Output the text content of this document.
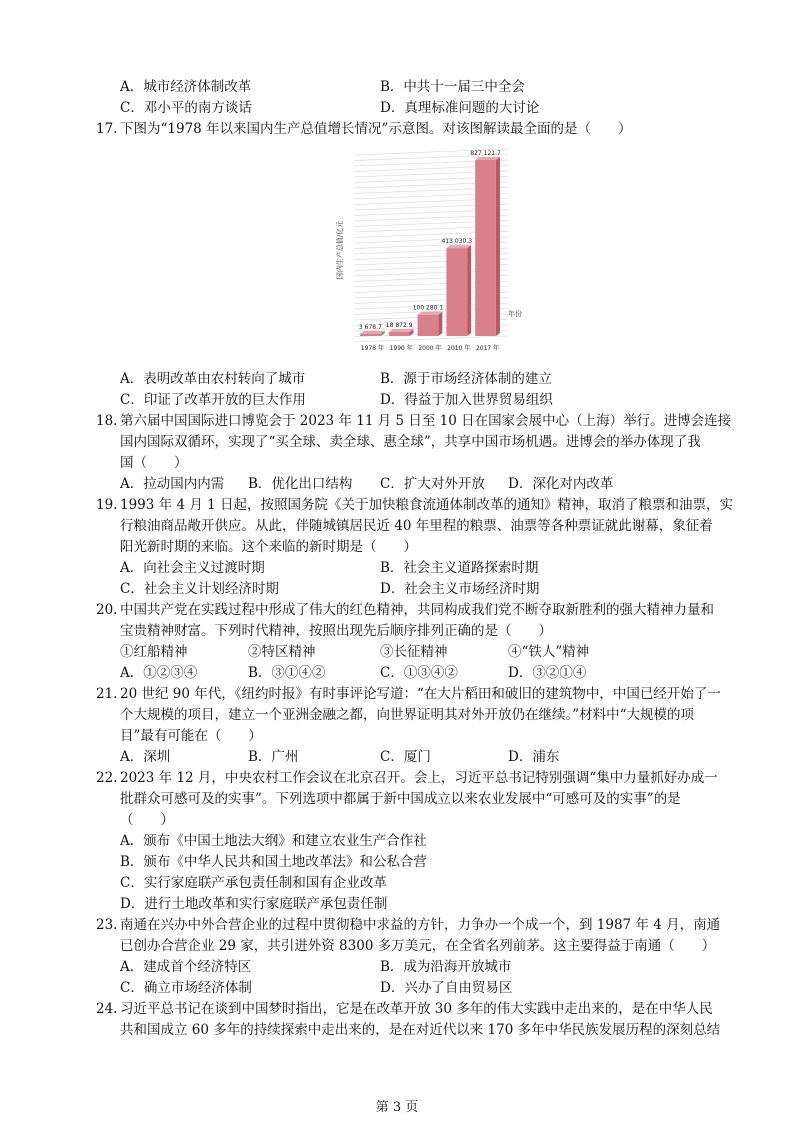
A．城市经济体制改革	B．中共十一届三中全会
C．邓小平的南方谈话	D．真理标准问题的大讨论
17. 下图为“1978 年以来国内生产总值增长情况”示意图。对该图解读最全面的是（　　）
3 678.7 18 872.9
100 280.1
413 030.3
827 121.7
1978 年 1990 年 2000 年 2010 年 2017 年
国内生产总值/亿元
年份
A．表明改革由农村转向了城市	B．源于市场经济体制的建立
C．印证了改革开放的巨大作用	D．得益于加入世界贸易组织
18. 第六届中国国际进口博览会于 2023 年 11 月 5 日至 10 日在国家会展中心（上海）举行。进博会连接
国内国际双循环，实现了“买全球、卖全球、惠全球”，共享中国市场机遇。进博会的举办体现了我
国（　　）
A．拉动国内内需 B．优化出口结构 C．扩大对外开放 D．深化对内改革
19. 1993 年 4 月 1 日起，按照国务院《关于加快粮食流通体制改革的通知》精神，取消了粮票和油票，实
行粮油商品敞开供应。从此，伴随城镇居民近 40 年里程的粮票、油票等各种票证就此谢幕，象征着
阳光新时期的来临。这个来临的新时期是（　　）
A．向社会主义过渡时期	B．社会主义道路探索时期
C．社会主义计划经济时期	D．社会主义市场经济时期
20. 中国共产党在实践过程中形成了伟大的红色精神，共同构成我们党不断夺取新胜利的强大精神力量和
宝贵精神财富。下列时代精神，按照出现先后顺序排列正确的是（　　）
①红船精神	②特区精神	③长征精神	④“铁人”精神
A．①②③④	B．③①④②	C．①③④②	D．③②①④
21. 20 世纪 90 年代，《纽约时报》有时事评论写道：“在大片稻田和破旧的建筑物中，中国已经开始了一
个大规模的项目，建立一个亚洲金融之都，向世界证明其对外开放仍在继续。”材料中“大规模的项
目”最有可能在（　　）
A．深圳	B．广州	C．厦门	D．浦东
22. 2023 年 12 月，中央农村工作会议在北京召开。会上，习近平总书记特别强调“集中力量抓好办成一
批群众可感可及的实事”。下列选项中都属于新中国成立以来农业发展中“可感可及的实事”的是
（　　）
A．颁布《中国土地法大纲》和建立农业生产合作社
B．颁布《中华人民共和国土地改革法》和公私合营
C．实行家庭联产承包责任制和国有企业改革
D．进行土地改革和实行家庭联产承包责任制
23. 南通在兴办中外合营企业的过程中贯彻稳中求益的方针，力争办一个成一个，到 1987 年 4 月，南通
已创办合营企业 29 家，共引进外资 8300 多万美元，在全省名列前茅。这主要得益于南通（　　）
A．建成首个经济特区	B．成为沿海开放城市
C．确立市场经济体制	D．兴办了自由贸易区
24. 习近平总书记在谈到中国梦时指出，它是在改革开放 30 多年的伟大实践中走出来的，是在中华人民
共和国成立 60 多年的持续探索中走出来的，是在对近代以来 170 多年中华民族发展历程的深刻总结
第 3 页
